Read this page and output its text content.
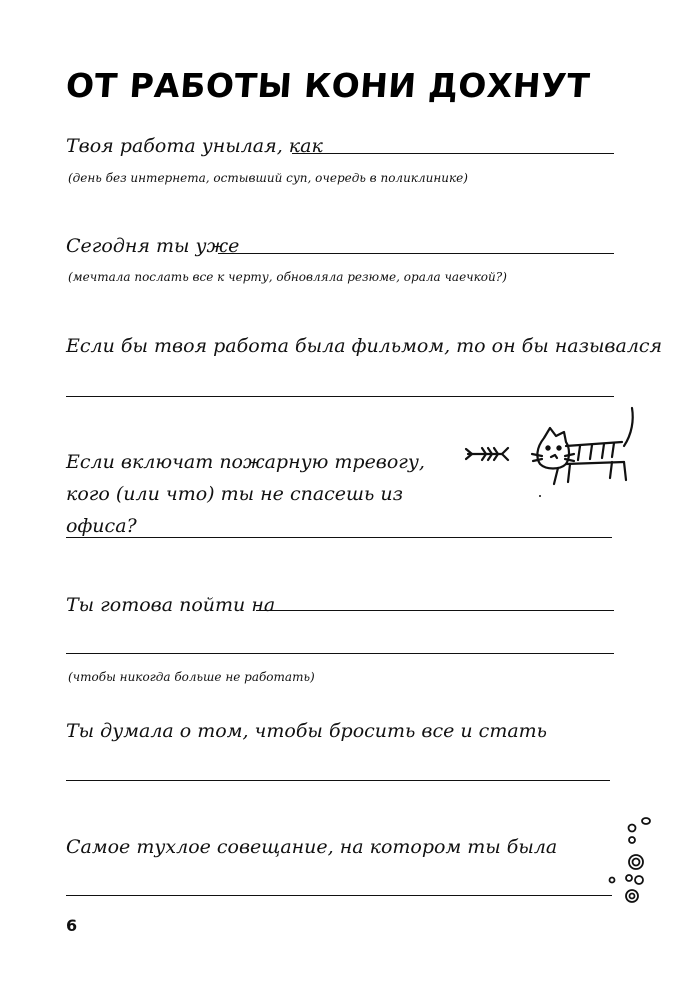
ОТ РАБОТЫ КОНИ ДОХНУТ
Твоя работа унылая, как
(день без интернета, остывший суп, очередь в поликлинике)
Сегодня ты уже
(мечтала послать все к черту, обновляла резюме, орала чаечкой?)
Если бы твоя работа была фильмом, то он бы назывался
Если включат пожарную тревогу, кого (или что) ты не спасешь из офиса?
Ты готова пойти на
(чтобы никогда больше не работать)
Ты думала о том, чтобы бросить все и стать
Самое тухлое совещание, на котором ты была
6
